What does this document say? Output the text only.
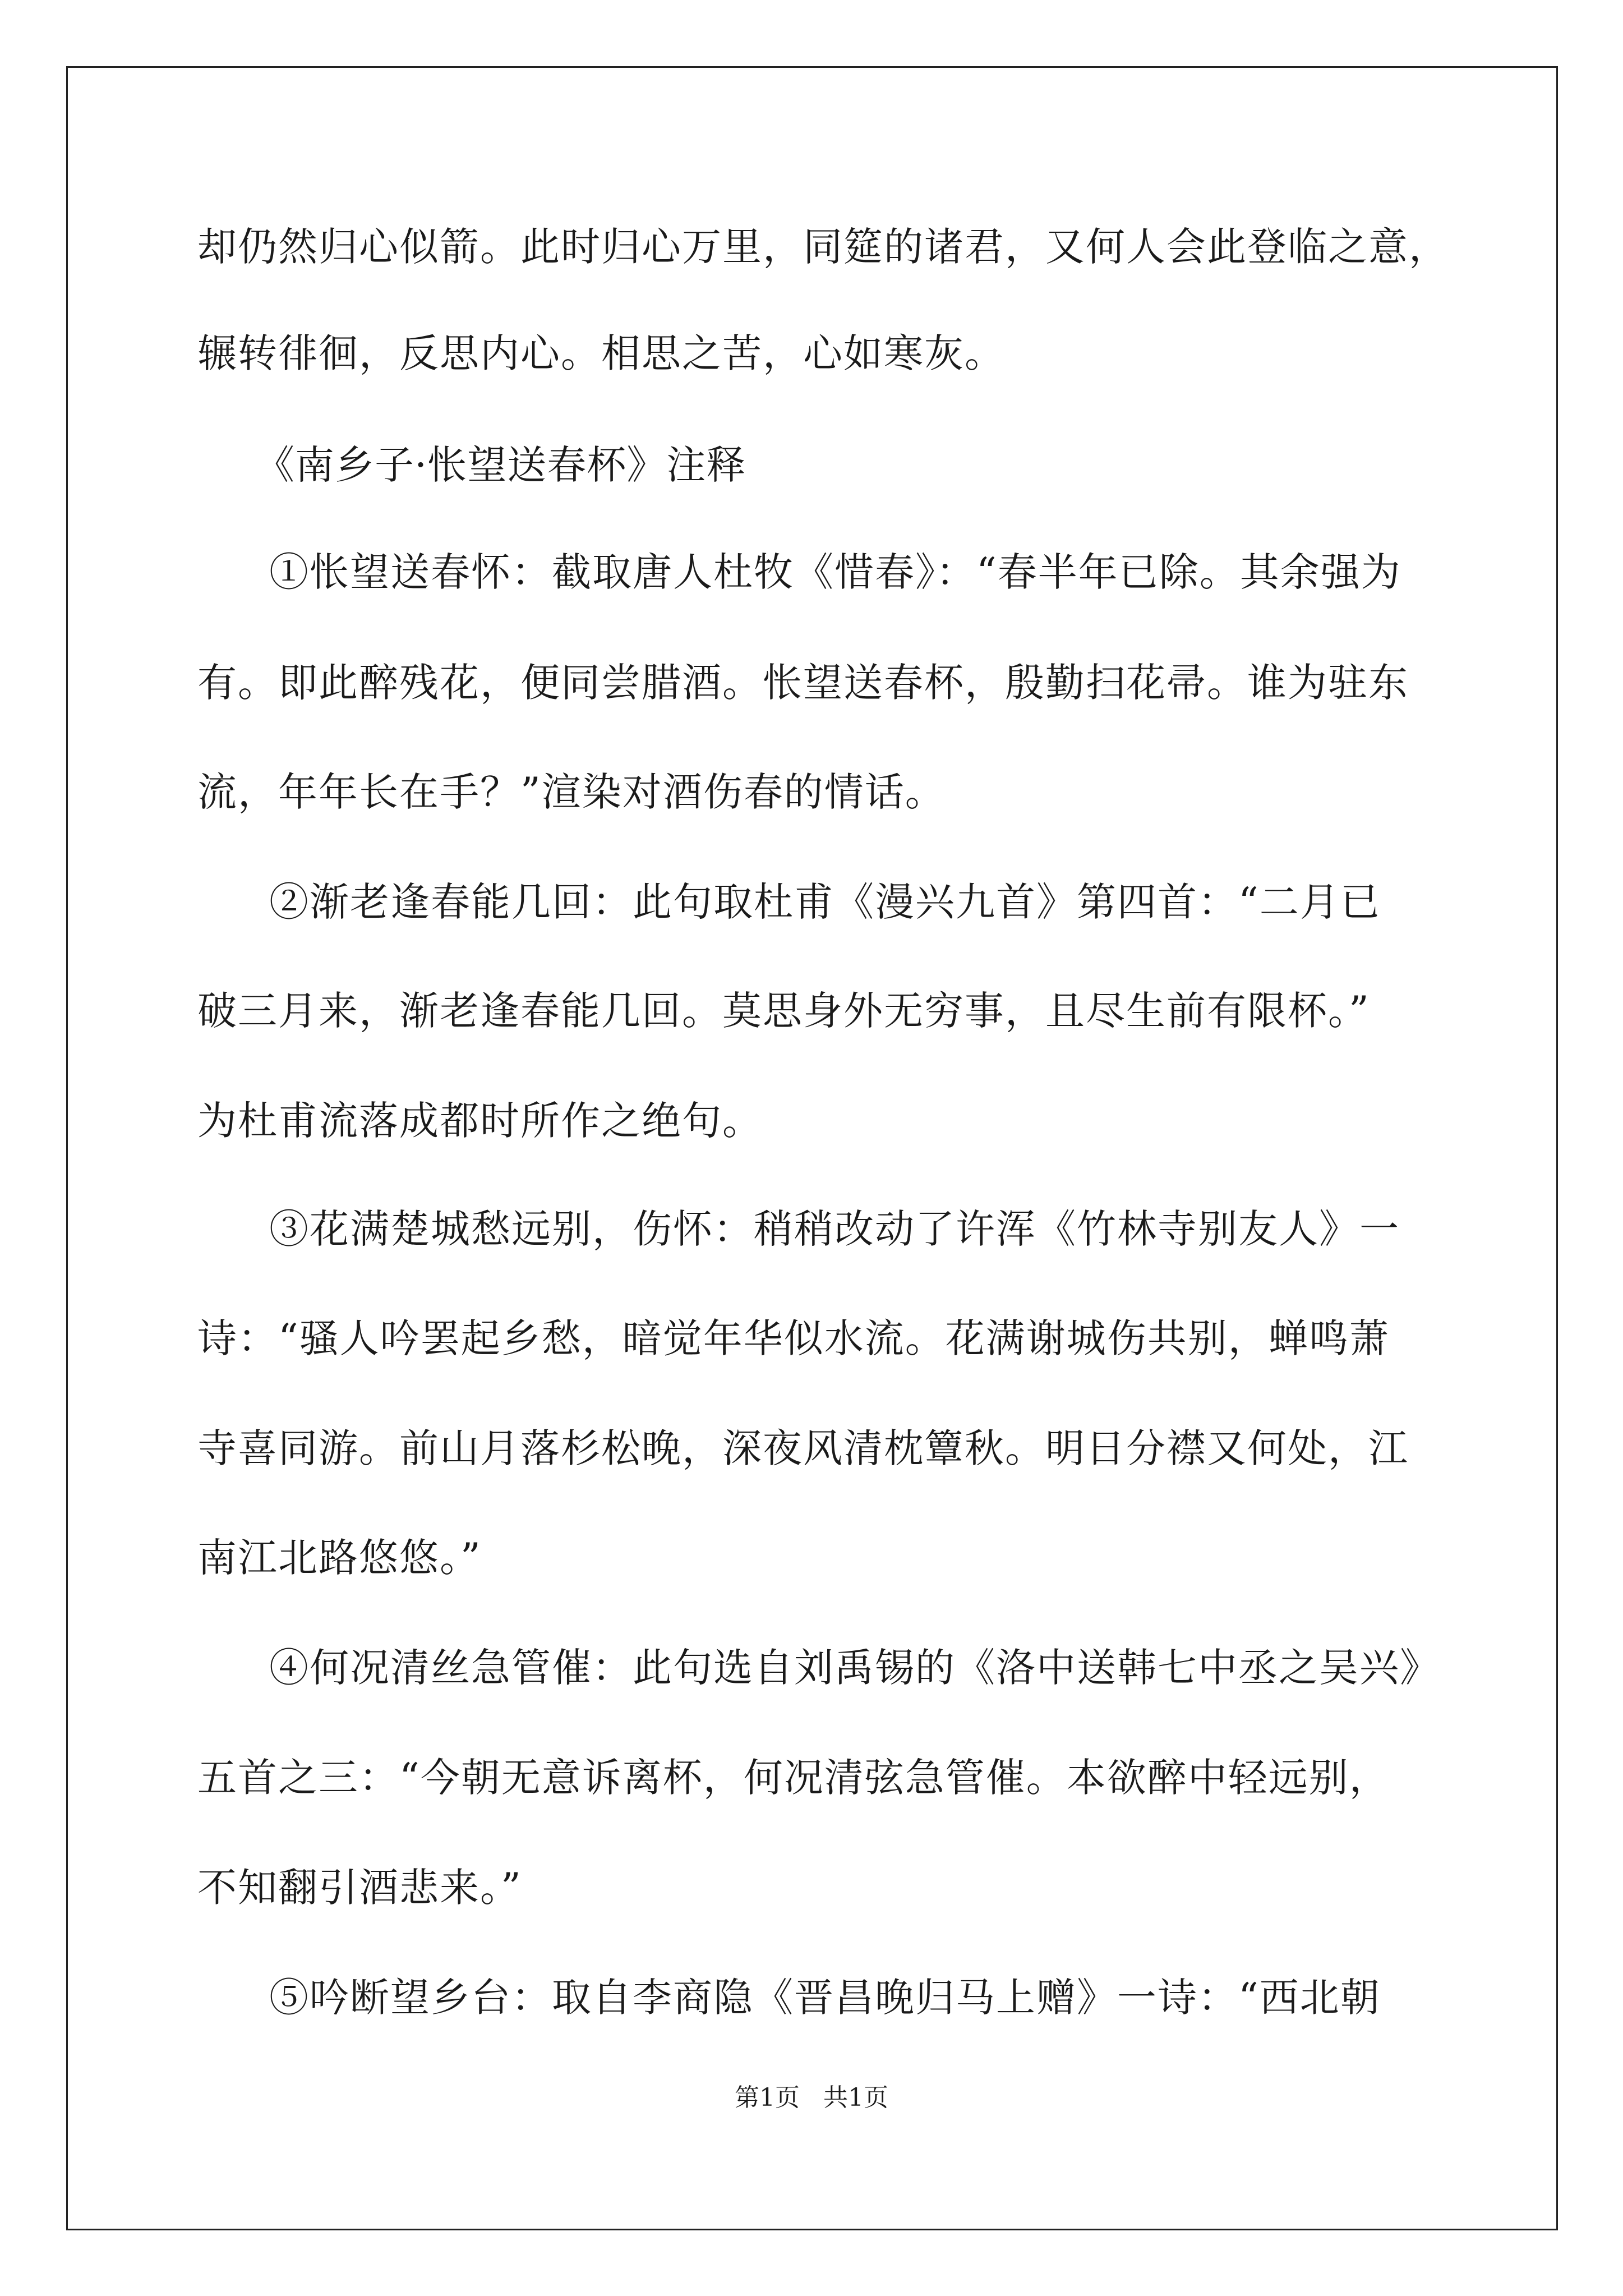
却仍然归心似箭。此时归心万里，同筵的诸君，又何人会此登临之意，
辗转徘徊，反思内心。相思之苦，心如寒灰。
《南乡子·怅望送春杯》注释
①怅望送春怀：截取唐人杜牧《惜春》：“春半年已除。其余强为
有。即此醉残花，便同尝腊酒。怅望送春杯，殷勤扫花帚。谁为驻东
流，年年长在手？”渲染对酒伤春的情话。
②渐老逢春能几回：此句取杜甫《漫兴九首》第四首：“二月已
破三月来，渐老逢春能几回。莫思身外无穷事，且尽生前有限杯。”
为杜甫流落成都时所作之绝句。
③花满楚城愁远别，伤怀：稍稍改动了许浑《竹林寺别友人》一
诗：“骚人吟罢起乡愁，暗觉年华似水流。花满谢城伤共别，蝉鸣萧
寺喜同游。前山月落杉松晚，深夜风清枕簟秋。明日分襟又何处，江
南江北路悠悠。”
④何况清丝急管催：此句选自刘禹锡的《洛中送韩七中丞之吴兴》
五首之三：“今朝无意诉离杯，何况清弦急管催。本欲醉中轻远别，
不知翻引酒悲来。”
⑤吟断望乡台：取自李商隐《晋昌晚归马上赠》一诗：“西北朝
第1页 共1页
